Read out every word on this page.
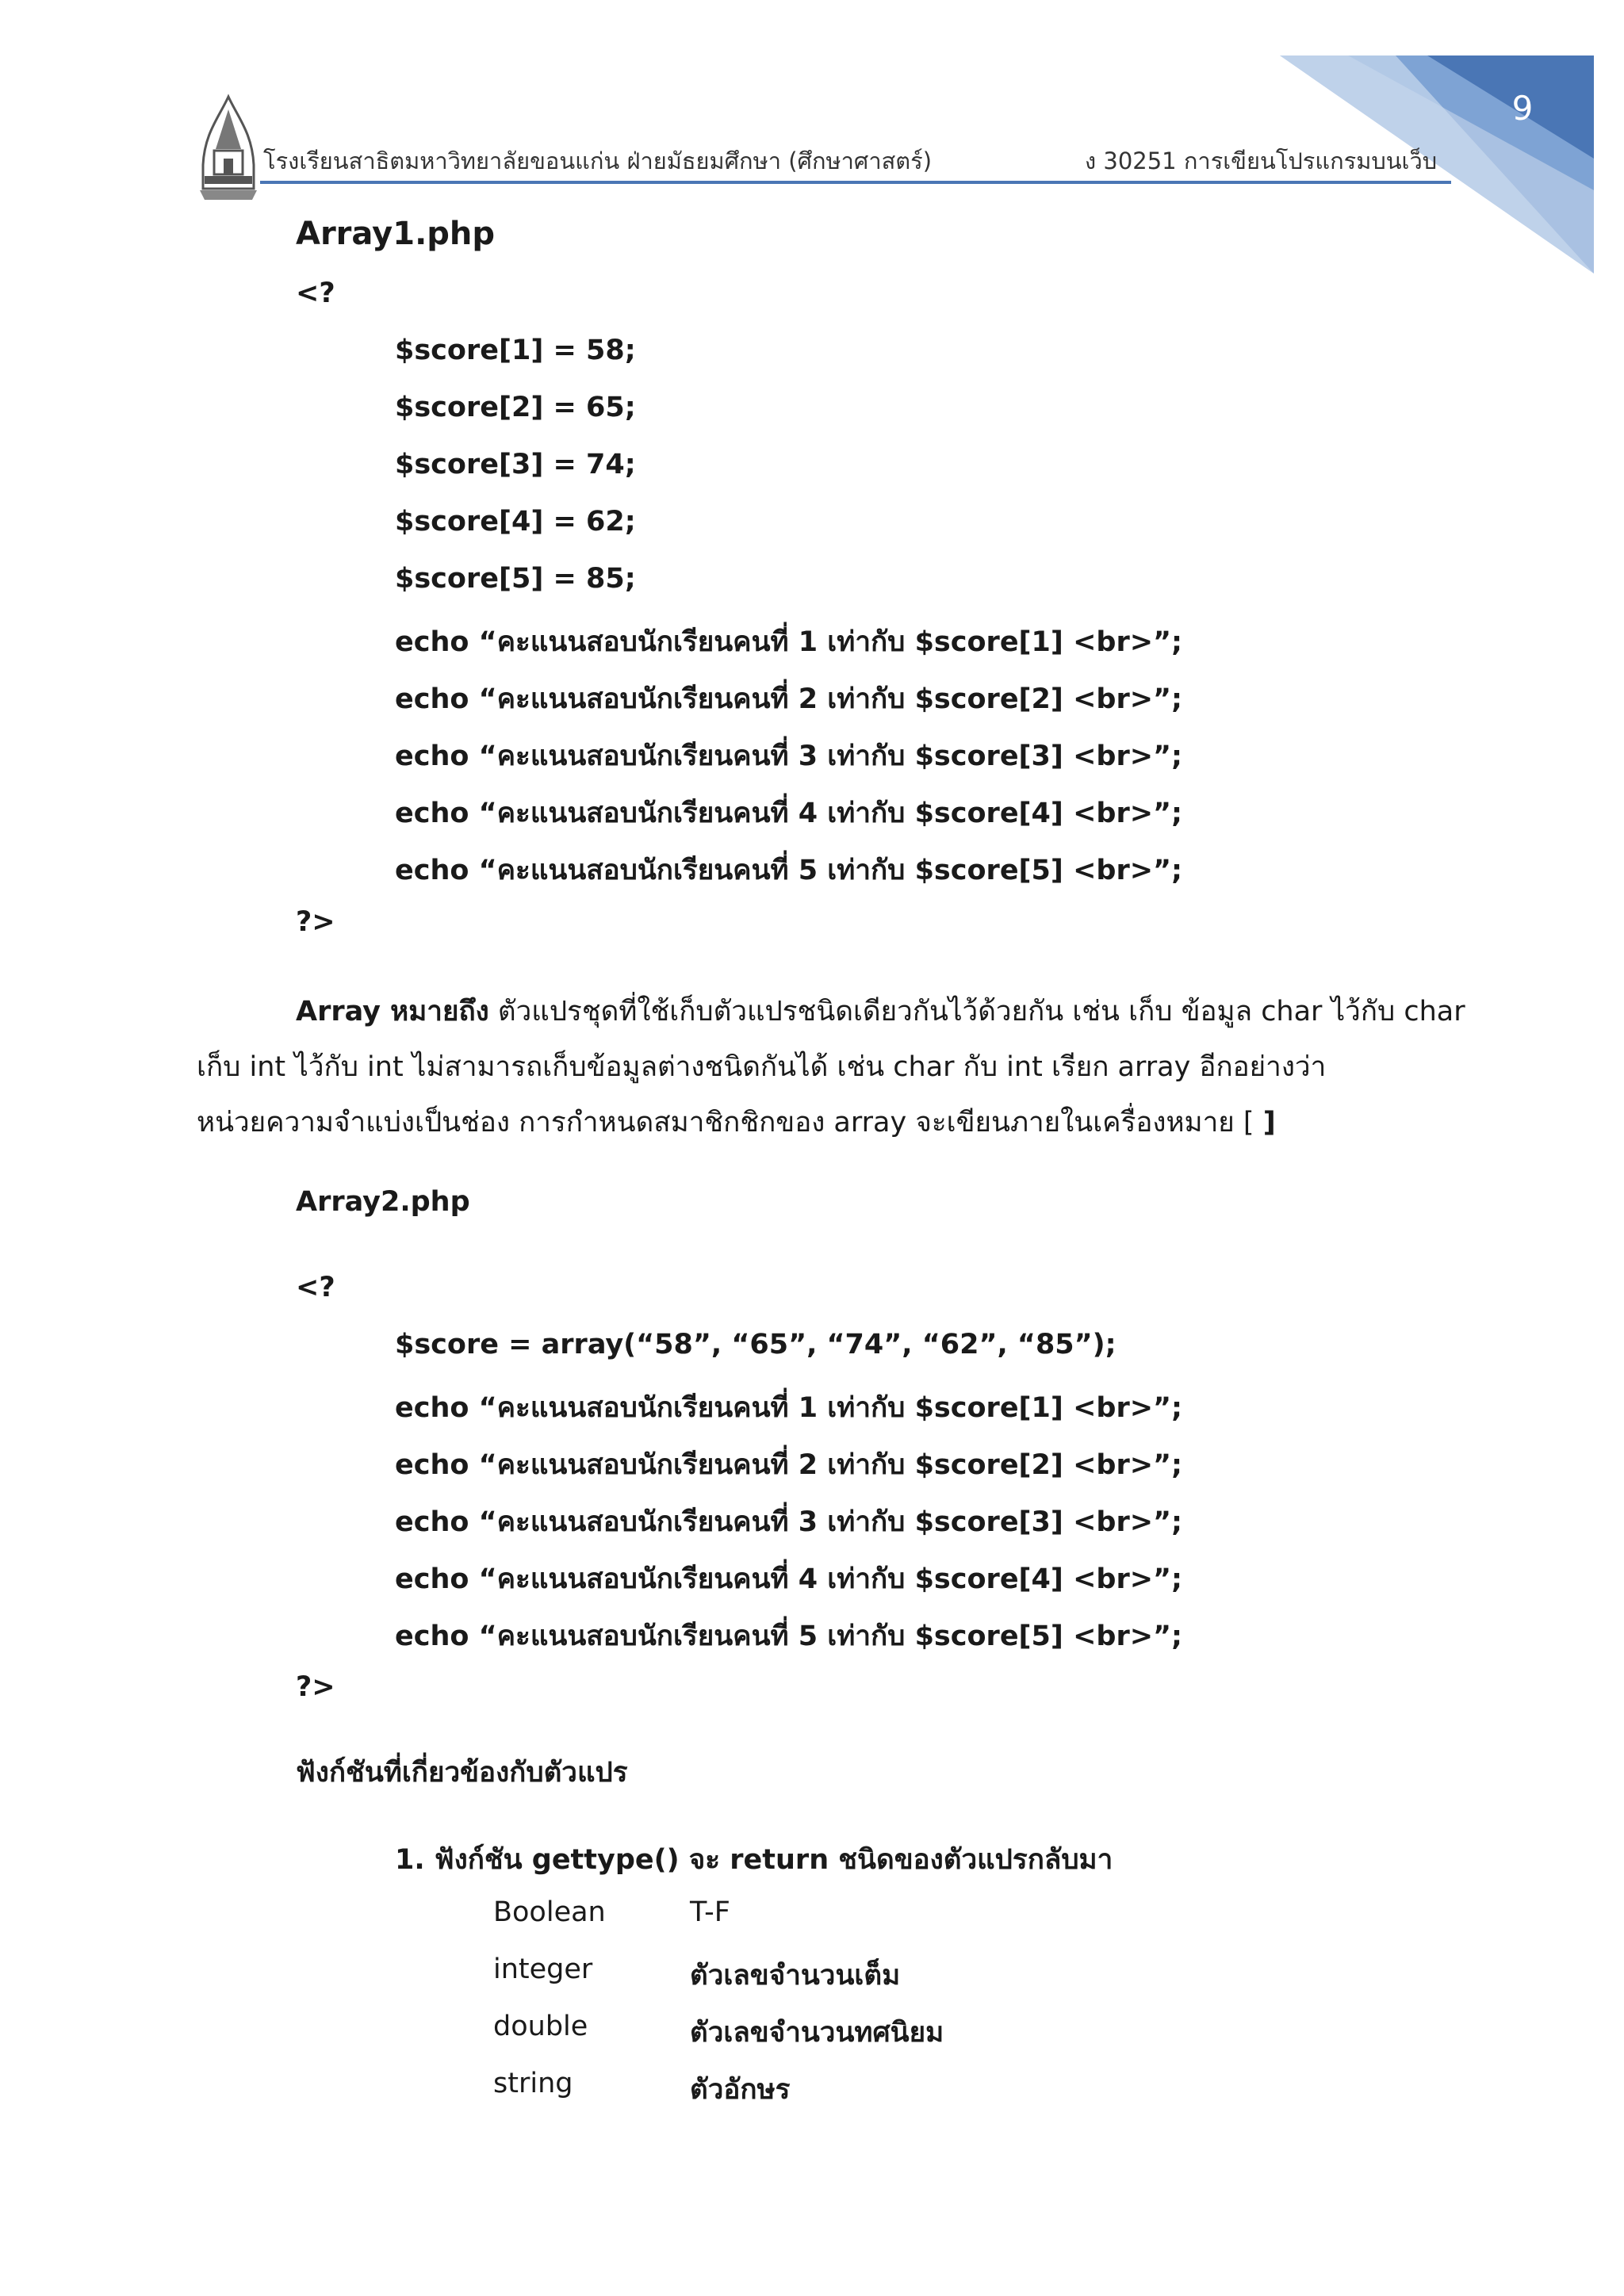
9
โรงเรียนสาธิตมหาวิทยาลัยขอนแก่น ฝ่ายมัธยมศึกษา (ศึกษาศาสตร์)	ง 30251 การเขียนโปรแกรมบนเว็บ
Array1.php
<?
$score[1] = 58;
$score[2] = 65;
$score[3] = 74;
$score[4] = 62;
$score[5] = 85;
echo “คะแนนสอบนักเรียนคนที่ 1 เท่ากับ $score[1] <br>”;
echo “คะแนนสอบนักเรียนคนที่ 2 เท่ากับ $score[2] <br>”;
echo “คะแนนสอบนักเรียนคนที่ 3 เท่ากับ $score[3] <br>”;
echo “คะแนนสอบนักเรียนคนที่ 4 เท่ากับ $score[4] <br>”;
echo “คะแนนสอบนักเรียนคนที่ 5 เท่ากับ $score[5] <br>”;
?>
Array หมายถึง ตัวแปรชุดที่ใช้เก็บตัวแปรชนิดเดียวกันไว้ด้วยกัน เช่น เก็บ ข้อมูล char ไว้กับ char
เก็บ int ไว้กับ int ไม่สามารถเก็บข้อมูลต่างชนิดกันได้ เช่น char กับ int เรียก array อีกอย่างว่า
หน่วยความจำแบ่งเป็นช่อง การกำหนดสมาชิกชิกของ array จะเขียนภายในเครื่องหมาย [ ]
Array2.php
<?
$score = array(“58”, “65”, “74”, “62”, “85”);
echo “คะแนนสอบนักเรียนคนที่ 1 เท่ากับ $score[1] <br>”;
echo “คะแนนสอบนักเรียนคนที่ 2 เท่ากับ $score[2] <br>”;
echo “คะแนนสอบนักเรียนคนที่ 3 เท่ากับ $score[3] <br>”;
echo “คะแนนสอบนักเรียนคนที่ 4 เท่ากับ $score[4] <br>”;
echo “คะแนนสอบนักเรียนคนที่ 5 เท่ากับ $score[5] <br>”;
?>
ฟังก์ชันที่เกี่ยวข้องกับตัวแปร
1. ฟังก์ชัน gettype() จะ return ชนิดของตัวแปรกลับมา
Boolean	T-F
integer	ตัวเลขจำนวนเต็ม
double	ตัวเลขจำนวนทศนิยม
string	ตัวอักษร
